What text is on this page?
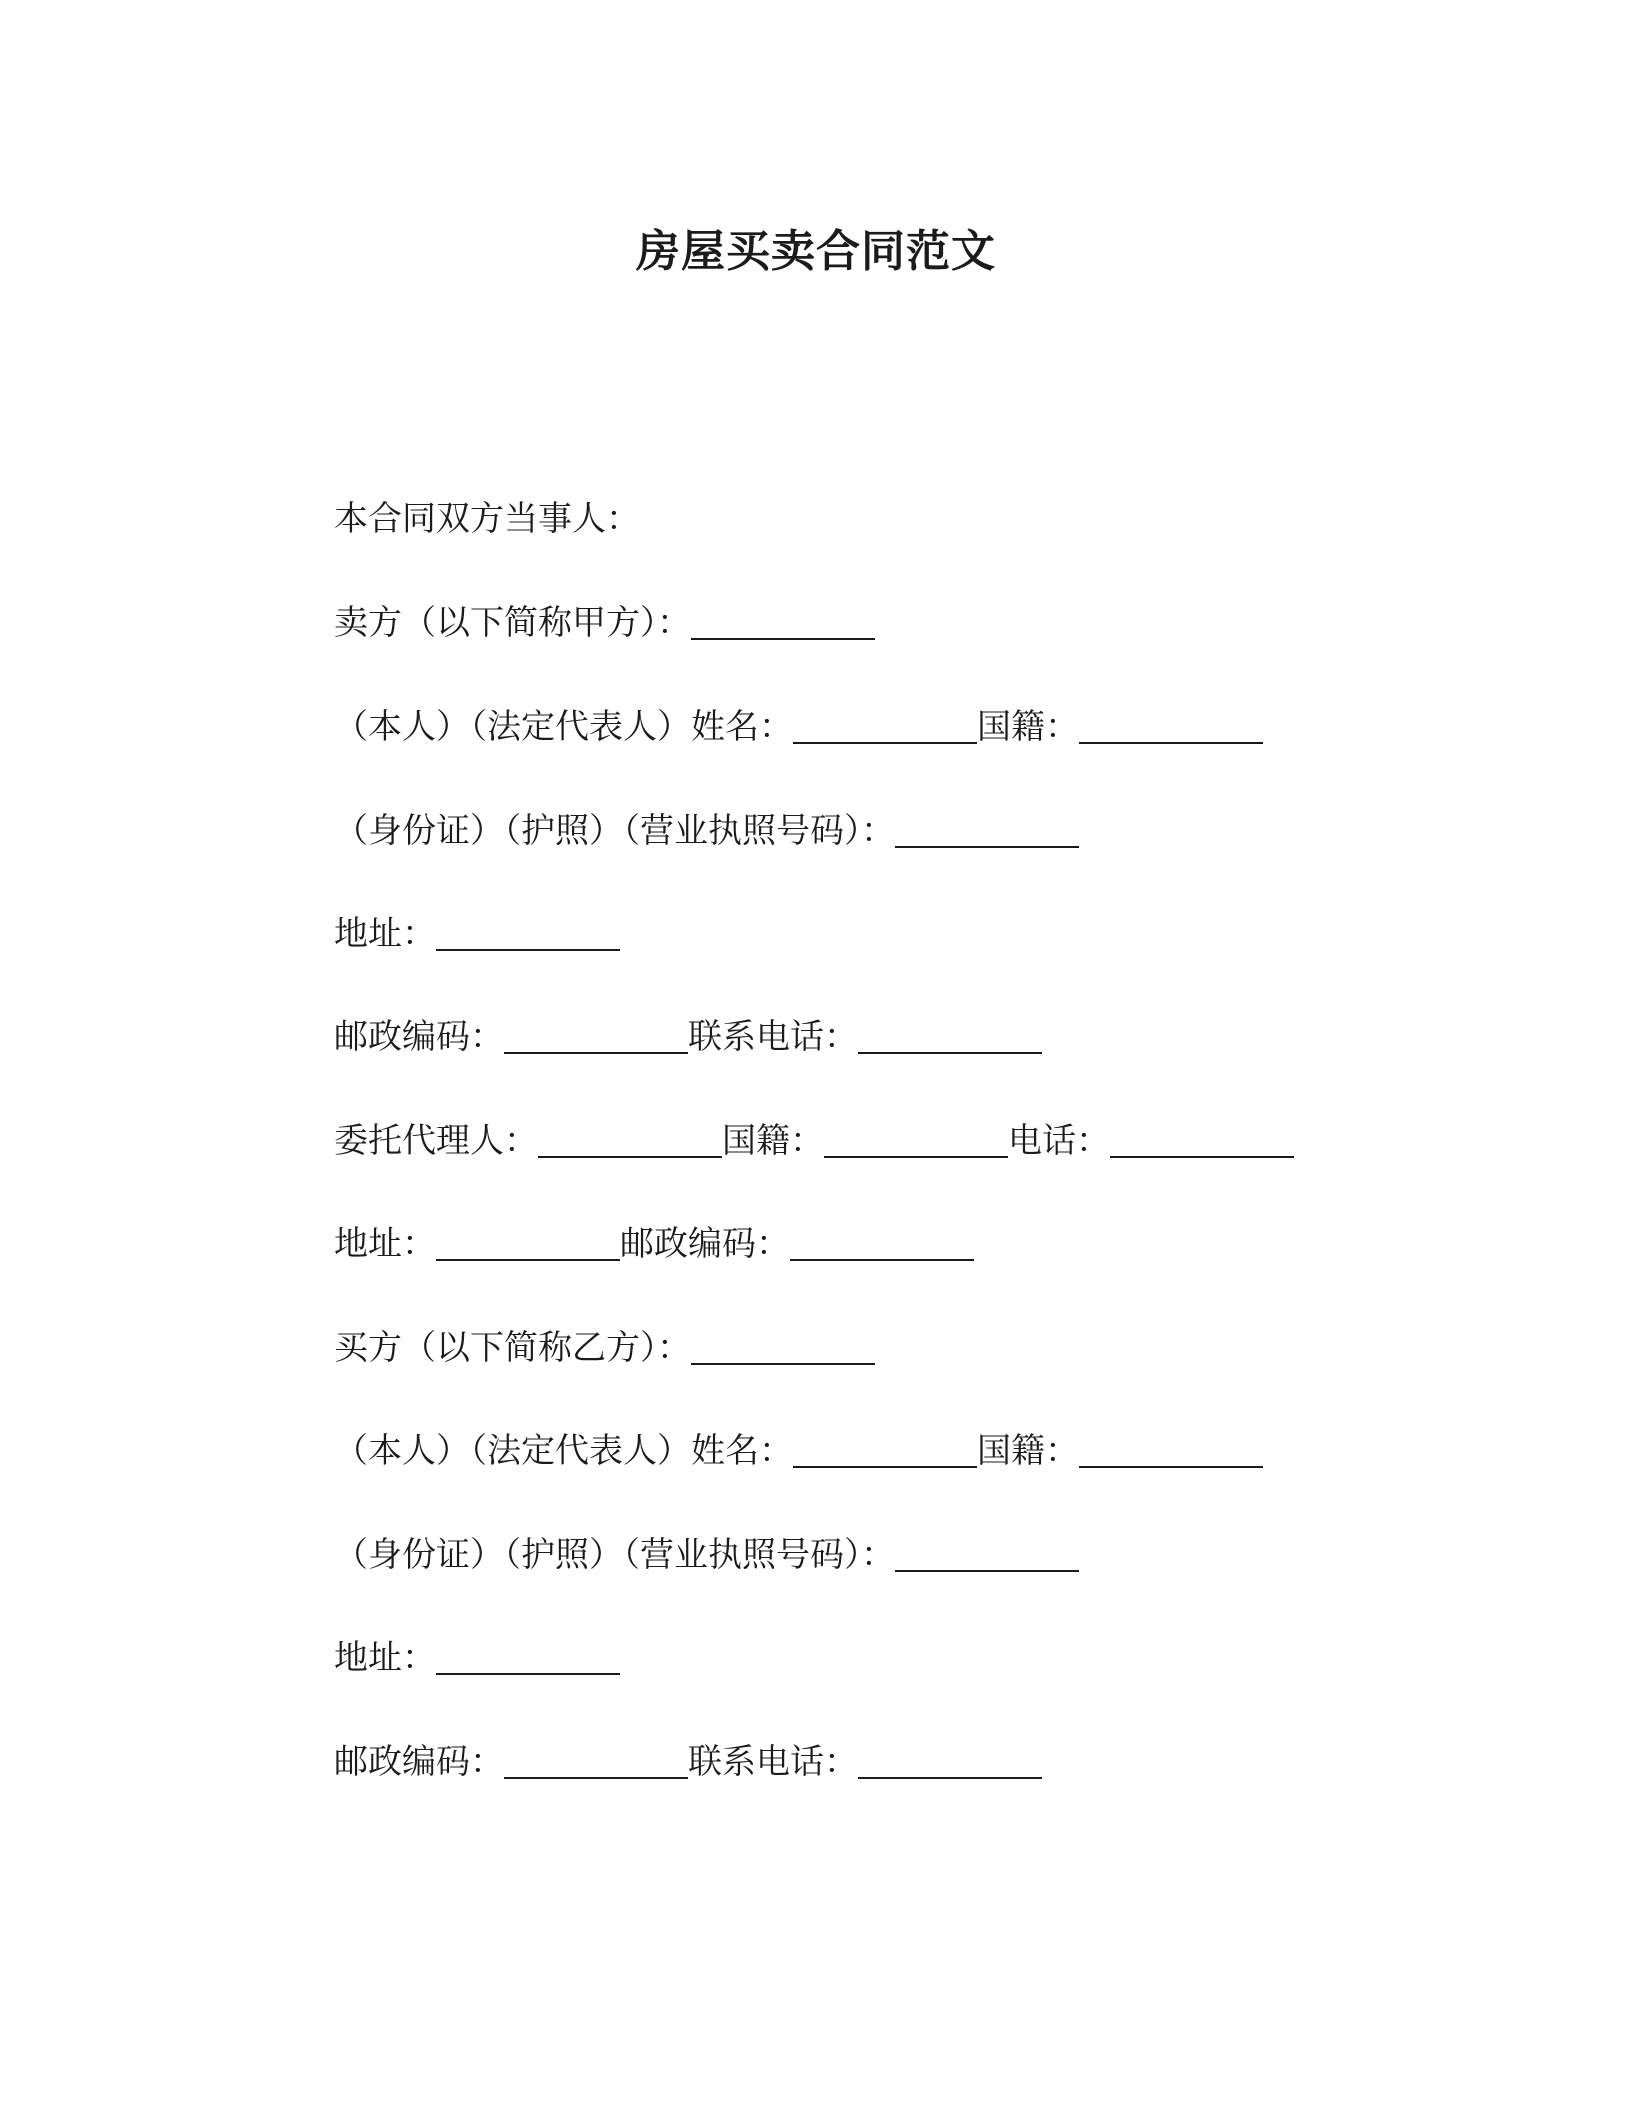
房屋买卖合同范文
本合同双方当事人：
卖方（以下简称甲方）：
（本人）（法定代表人）姓名：	国籍：
（身份证）（护照）（营业执照号码）：
地址：
邮政编码：	联系电话：
委托代理人：	国籍：	电话：
地址：	邮政编码：
买方（以下简称乙方）：
（本人）（法定代表人）姓名：	国籍：
（身份证）（护照）（营业执照号码）：
地址：
邮政编码：	联系电话：
